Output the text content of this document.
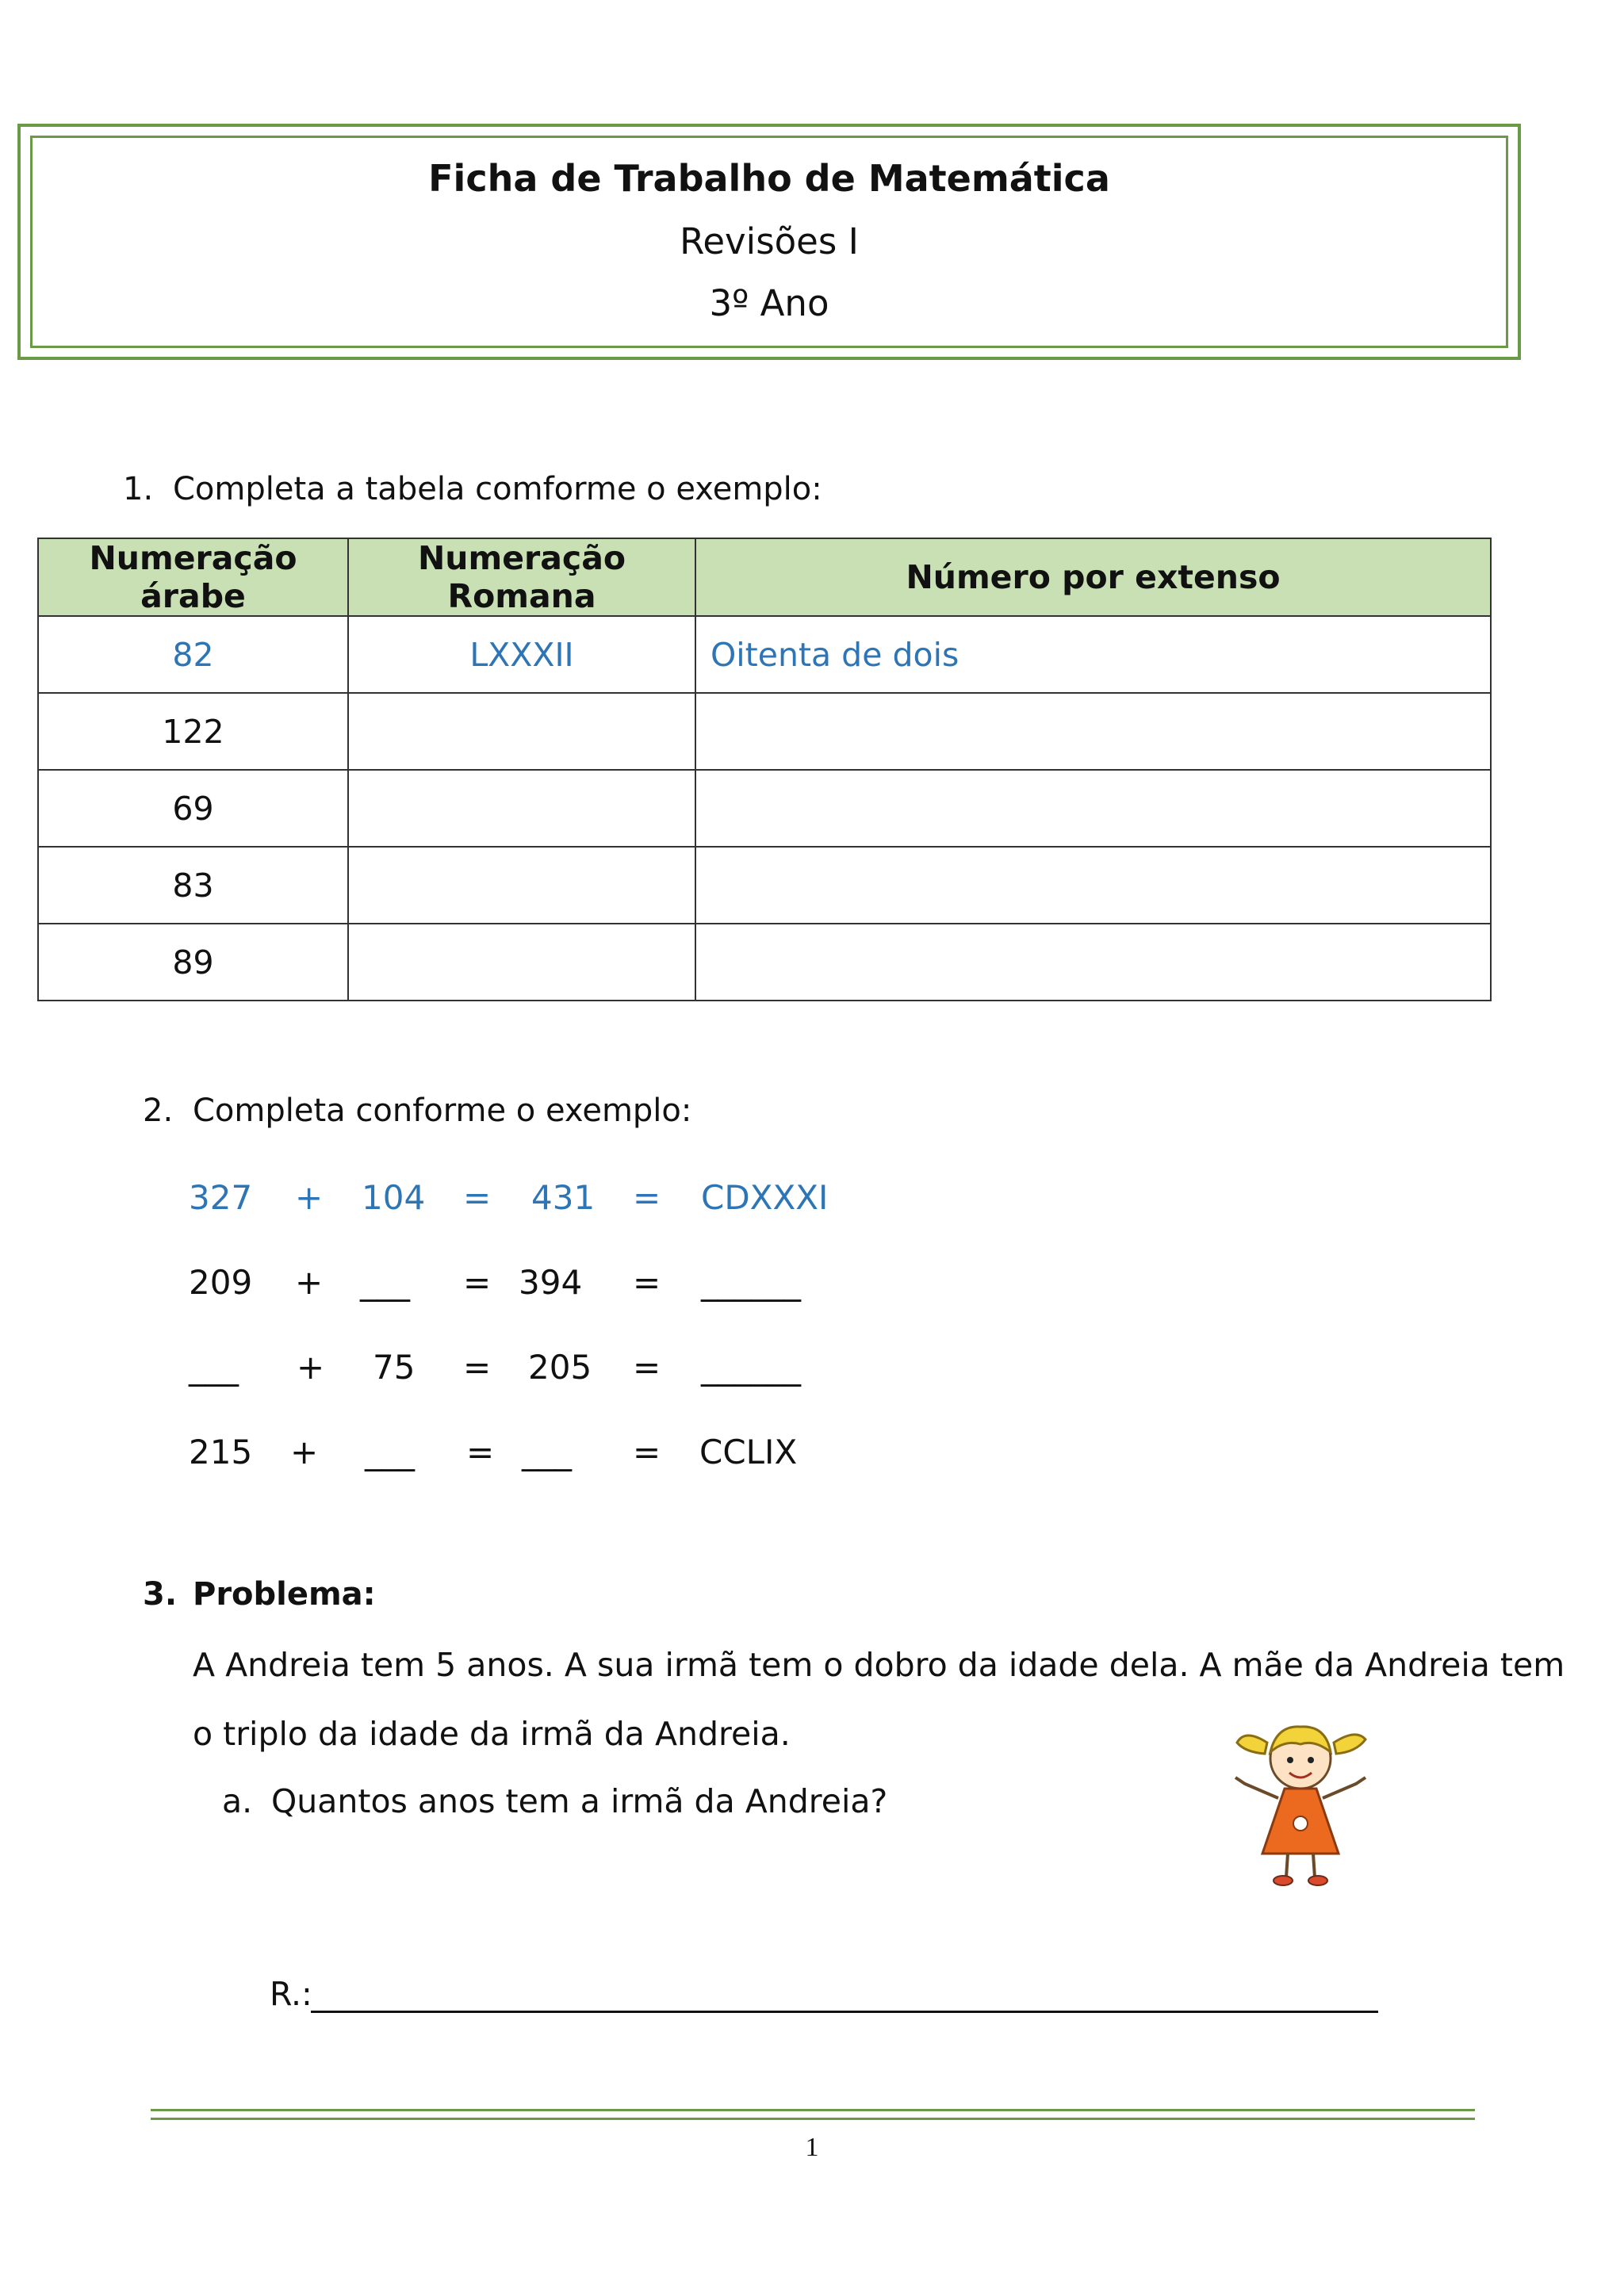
Ficha de Trabalho de Matemática
Revisões I
3º Ano
1. Completa a tabela comforme o exemplo:
Numeração árabe	Numeração Romana	Número por extenso
82	LXXXII	Oitenta de dois
122		
69		
83		
89		
2. Completa conforme o exemplo:
327 + 104 = 431 = CDXXXI
209 + ___ = 394 = ______
___ + 75 = 205 = ______
215 + ___ = ___ = CCLIX
3. Problema:
A Andreia tem 5 anos. A sua irmã tem o dobro da idade dela. A mãe da Andreia tem
o triplo da idade da irmã da Andreia.
a. Quantos anos tem a irmã da Andreia?
R.:
1
